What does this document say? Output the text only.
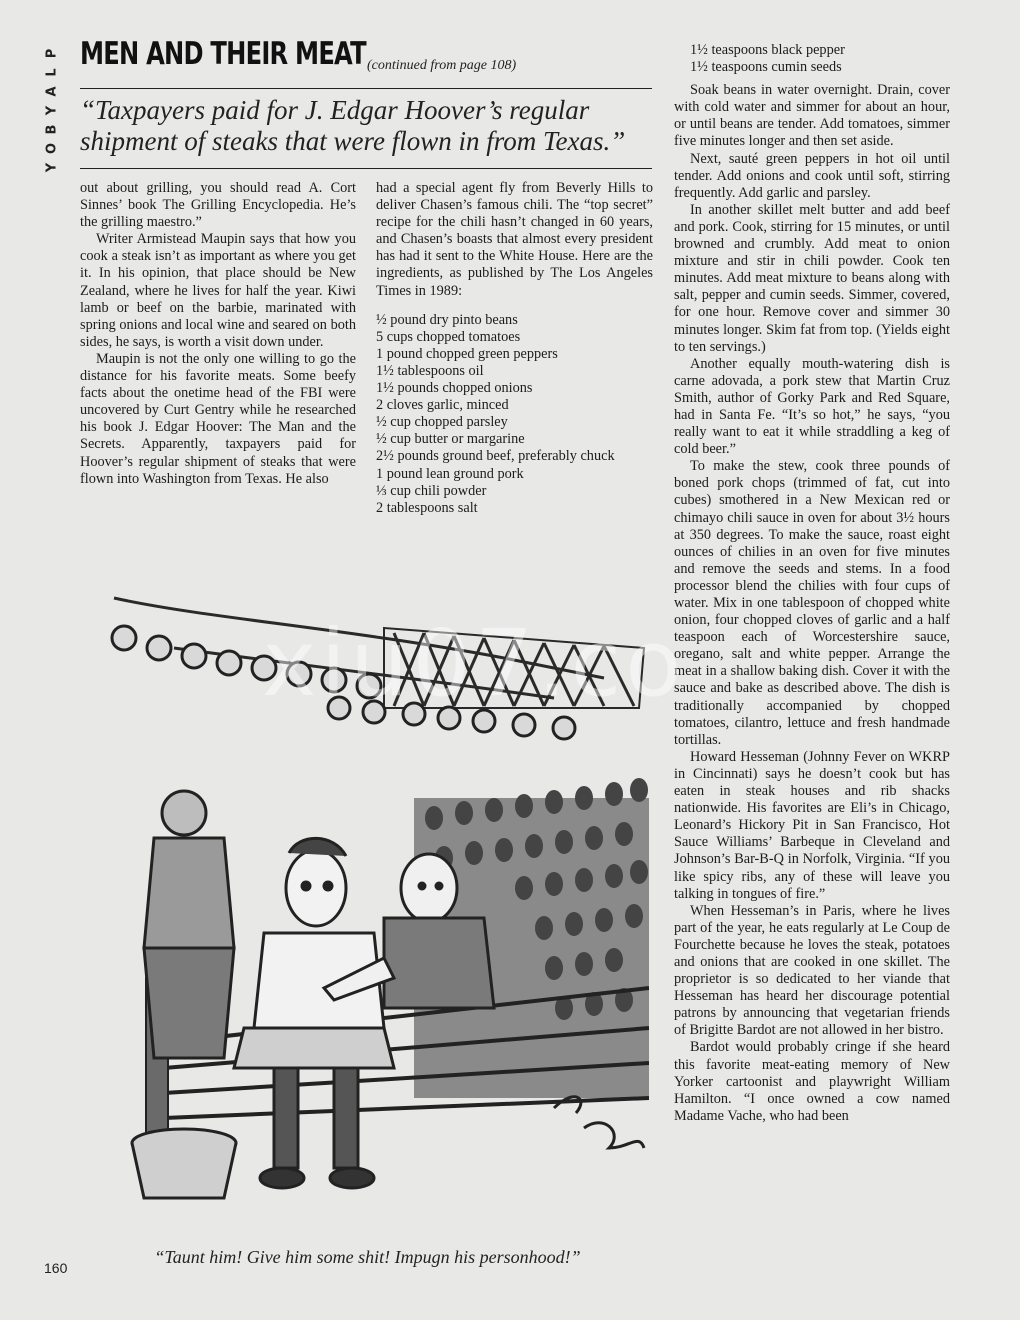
P
L
A
Y
B
O
Y
MEN AND THEIR MEAT (continued from page 108)
“Taxpayers paid for J. Edgar Hoover’s regular shipment of steaks that were flown in from Texas.”

out about grilling, you should read A. Cort Sinnes’ book The Grilling Encyclopedia. He’s the grilling maestro.”

Writer Armistead Maupin says that how you cook a steak isn’t as important as where you get it. In his opinion, that place should be New Zealand, where he lives for half the year. Kiwi lamb or beef on the barbie, marinated with spring onions and local wine and seared on both sides, he says, is worth a visit down under.

Maupin is not the only one willing to go the distance for his favorite meats. Some beefy facts about the onetime head of the FBI were uncovered by Curt Gentry while he researched his book J. Edgar Hoover: The Man and the Secrets. Apparently, taxpayers paid for Hoover’s regular shipment of steaks that were flown into Washington from Texas. He also

had a special agent fly from Beverly Hills to deliver Chasen’s famous chili. The “top secret” recipe for the chili hasn’t changed in 60 years, and Chasen’s boasts that almost every president has had it sent to the White House. Here are the ingredients, as published by The Los Angeles Times in 1989:

½ pound dry pinto beans
5 cups chopped tomatoes
1 pound chopped green peppers
1½ tablespoons oil
1½ pounds chopped onions
2 cloves garlic, minced
½ cup chopped parsley
½ cup butter or margarine
2½ pounds ground beef, preferably chuck
1 pound lean ground pork
⅓ cup chili powder
2 tablespoons salt
1½ teaspoons black pepper
1½ teaspoons cumin seeds

Soak beans in water overnight. Drain, cover with cold water and simmer for about an hour, or until beans are tender. Add tomatoes, simmer five minutes longer and then set aside.

Next, sauté green peppers in hot oil until tender. Add onions and cook until soft, stirring frequently. Add garlic and parsley.

In another skillet melt butter and add beef and pork. Cook, stirring for 15 minutes, or until browned and crumbly. Add meat to onion mixture and stir in chili powder. Cook ten minutes. Add meat mixture to beans along with salt, pepper and cumin seeds. Simmer, covered, for one hour. Remove cover and simmer 30 minutes longer. Skim fat from top. (Yields eight to ten servings.)

Another equally mouth-watering dish is carne adovada, a pork stew that Martin Cruz Smith, author of Gorky Park and Red Square, had in Santa Fe. “It’s so hot,” he says, “you really want to eat it while straddling a keg of cold beer.”

To make the stew, cook three pounds of boned pork chops (trimmed of fat, cut into cubes) smothered in a New Mexican red or chimayo chili sauce in oven for about 3½ hours at 350 degrees. To make the sauce, roast eight ounces of chilies in an oven for five minutes and remove the seeds and stems. In a food processor blend the chilies with four cups of water. Mix in one tablespoon of chopped white onion, four chopped cloves of garlic and a half teaspoon each of Worcestershire sauce, oregano, salt and white pepper. Arrange the meat in a shallow baking dish. Cover it with the sauce and bake as described above. The dish is traditionally accompanied by chopped tomatoes, cilantro, lettuce and fresh handmade tortillas.

Howard Hesseman (Johnny Fever on WKRP in Cincinnati) says he doesn’t cook but has eaten in steak houses and rib shacks nationwide. His favorites are Eli’s in Chicago, Leonard’s Hickory Pit in San Francisco, Hot Sauce Williams’ Barbeque in Cleveland and Johnson’s Bar-B-Q in Norfolk, Virginia. “If you like spicy ribs, any of these will leave you talking in tongues of fire.”

When Hesseman’s in Paris, where he lives part of the year, he eats regularly at Le Coup de Fourchette because he loves the steak, potatoes and onions that are cooked in one skillet. The proprietor is so dedicated to her viande that Hesseman has heard her discourage potential patrons by announcing that vegetarian friends of Brigitte Bardot are not allowed in her bistro.

Bardot would probably cringe if she heard this favorite meat-eating memory of New Yorker cartoonist and playwright William Hamilton. “I once owned a cow named Madame Vache, who had been

“Taunt him! Give him some shit! Impugn his personhood!”
160
xiu07.co
